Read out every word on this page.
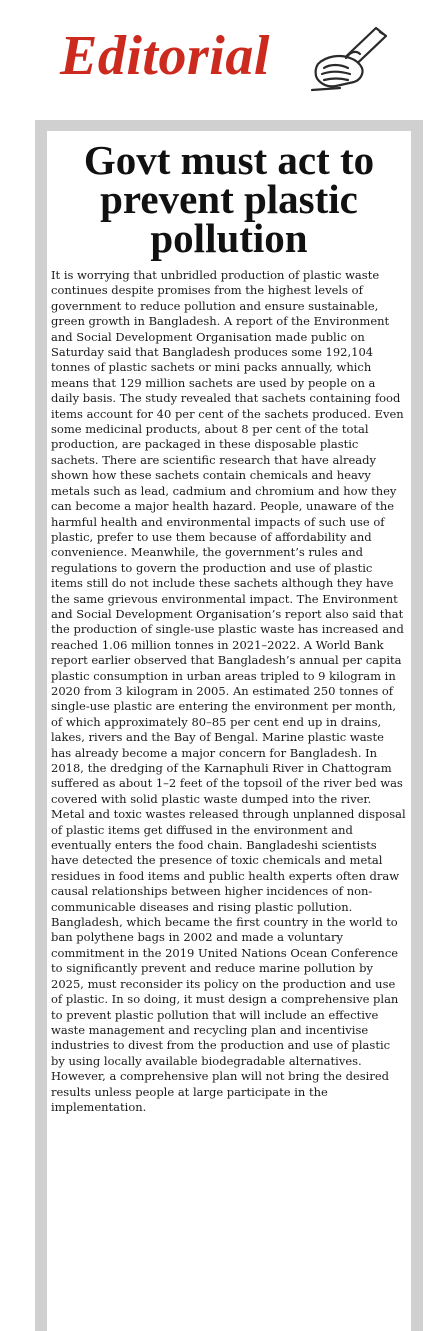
Editorial
Govt must act to prevent plastic pollution

It is worrying that unbridled production of plastic waste continues despite promises from the highest levels of government to reduce pollution and ensure sustainable, green growth in Bangladesh. A report of the Environment and Social Development Organisation made public on Saturday said that Bangladesh produces some 192,104 tonnes of plastic sachets or mini packs annually, which means that 129 million sachets are used by people on a daily basis. The study revealed that sachets containing food items account for 40 per cent of the sachets produced. Even some medicinal products, about 8 per cent of the total production, are packaged in these disposable plastic sachets. There are scientific research that have already shown how these sachets contain chemicals and heavy metals such as lead, cadmium and chromium and how they can become a major health hazard. People, unaware of the harmful health and environmental impacts of such use of plastic, prefer to use them because of affordability and convenience. Meanwhile, the government’s rules and regulations to govern the production and use of plastic items still do not include these sachets although they have the same grievous environmental impact. The Environment and Social Development Organisation’s report also said that the production of single-use plastic waste has increased and reached 1.06 million tonnes in 2021–2022. A World Bank report earlier observed that Bangladesh’s annual per capita plastic consumption in urban areas tripled to 9 kilogram in 2020 from 3 kilogram in 2005. An estimated 250 tonnes of single-use plastic are entering the environment per month, of which approximately 80–85 per cent end up in drains, lakes, rivers and the Bay of Bengal. Marine plastic waste has already become a major concern for Bangladesh. In 2018, the dredging of the Karnaphuli River in Chattogram suffered as about 1–2 feet of the topsoil of the river bed was covered with solid plastic waste dumped into the river. Metal and toxic wastes released through unplanned disposal of plastic items get diffused in the environment and eventually enters the food chain. Bangladeshi scientists have detected the presence of toxic chemicals and metal residues in food items and public health experts often draw causal relationships between higher incidences of non-communicable diseases and rising plastic pollution. Bangladesh, which became the first country in the world to ban polythene bags in 2002 and made a voluntary commitment in the 2019 United Nations Ocean Conference to significantly prevent and reduce marine pollution by 2025, must reconsider its policy on the production and use of plastic. In so doing, it must design a comprehensive plan to prevent plastic pollution that will include an effective waste management and recycling plan and incentivise industries to divest from the production and use of plastic by using locally available biodegradable alternatives. However, a comprehensive plan will not bring the desired results unless people at large participate in the implementation.
